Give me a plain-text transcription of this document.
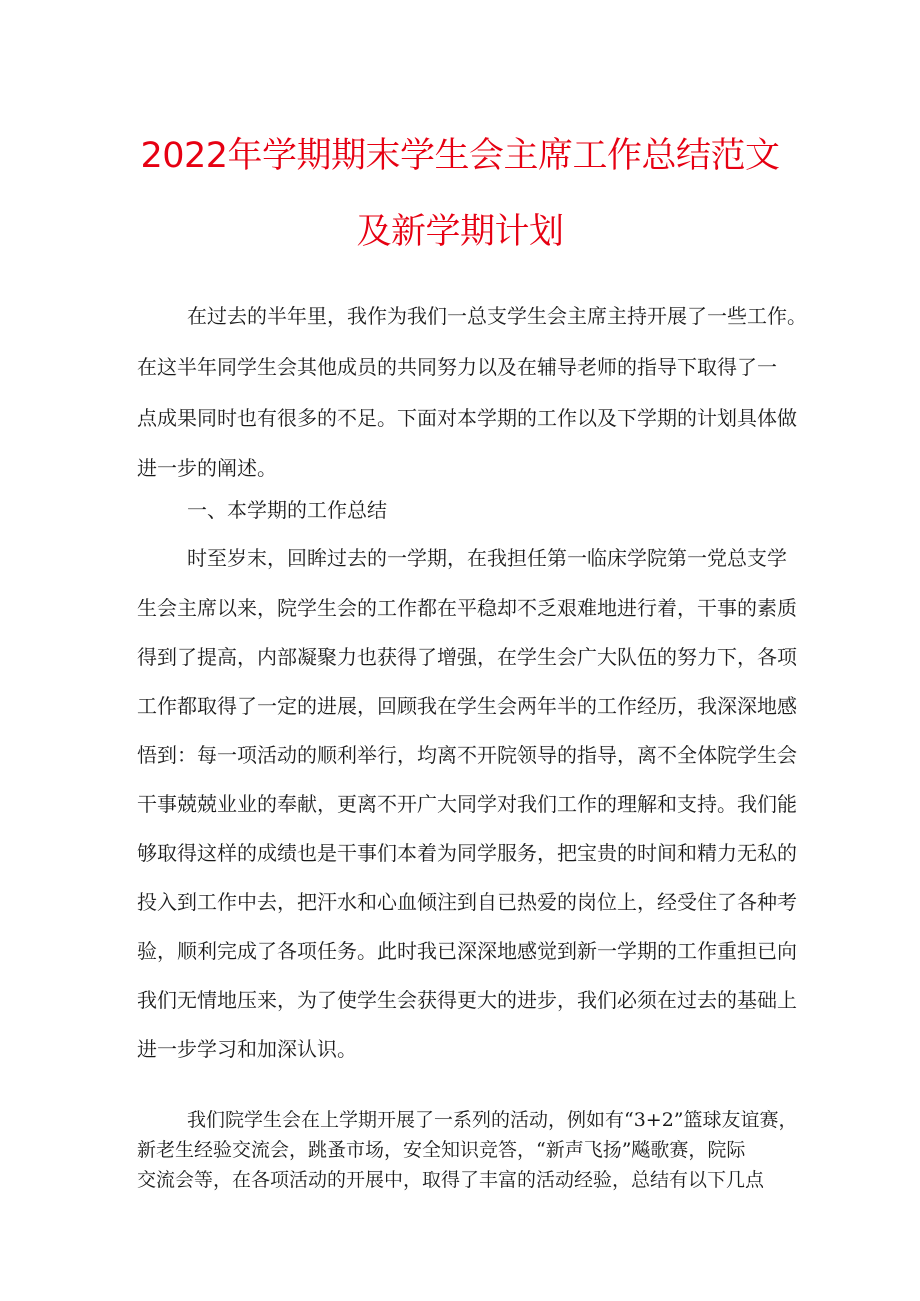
2022年学期期末学生会主席工作总结范文
及新学期计划

在过去的半年里，我作为我们一总支学生会主席主持开展了一些工作。

在这半年同学生会其他成员的共同努力以及在辅导老师的指导下取得了一

点成果同时也有很多的不足。下面对本学期的工作以及下学期的计划具体做

进一步的阐述。

一、本学期的工作总结

时至岁末，回眸过去的一学期，在我担任第一临床学院第一党总支学

生会主席以来，院学生会的工作都在平稳却不乏艰难地进行着，干事的素质

得到了提高，内部凝聚力也获得了增强，在学生会广大队伍的努力下，各项

工作都取得了一定的进展，回顾我在学生会两年半的工作经历，我深深地感

悟到：每一项活动的顺利举行，均离不开院领导的指导，离不全体院学生会

干事兢兢业业的奉献，更离不开广大同学对我们工作的理解和支持。我们能

够取得这样的成绩也是干事们本着为同学服务，把宝贵的时间和精力无私的

投入到工作中去，把汗水和心血倾注到自已热爱的岗位上，经受住了各种考

验，顺利完成了各项任务。此时我已深深地感觉到新一学期的工作重担已向

我们无情地压来，为了使学生会获得更大的进步，我们必须在过去的基础上

进一步学习和加深认识。

我们院学生会在上学期开展了一系列的活动，例如有“3+2”篮球友谊赛，

新老生经验交流会，跳蚤市场，安全知识竞答，“新声飞扬”飚歌赛，院际

交流会等，在各项活动的开展中，取得了丰富的活动经验，总结有以下几点
